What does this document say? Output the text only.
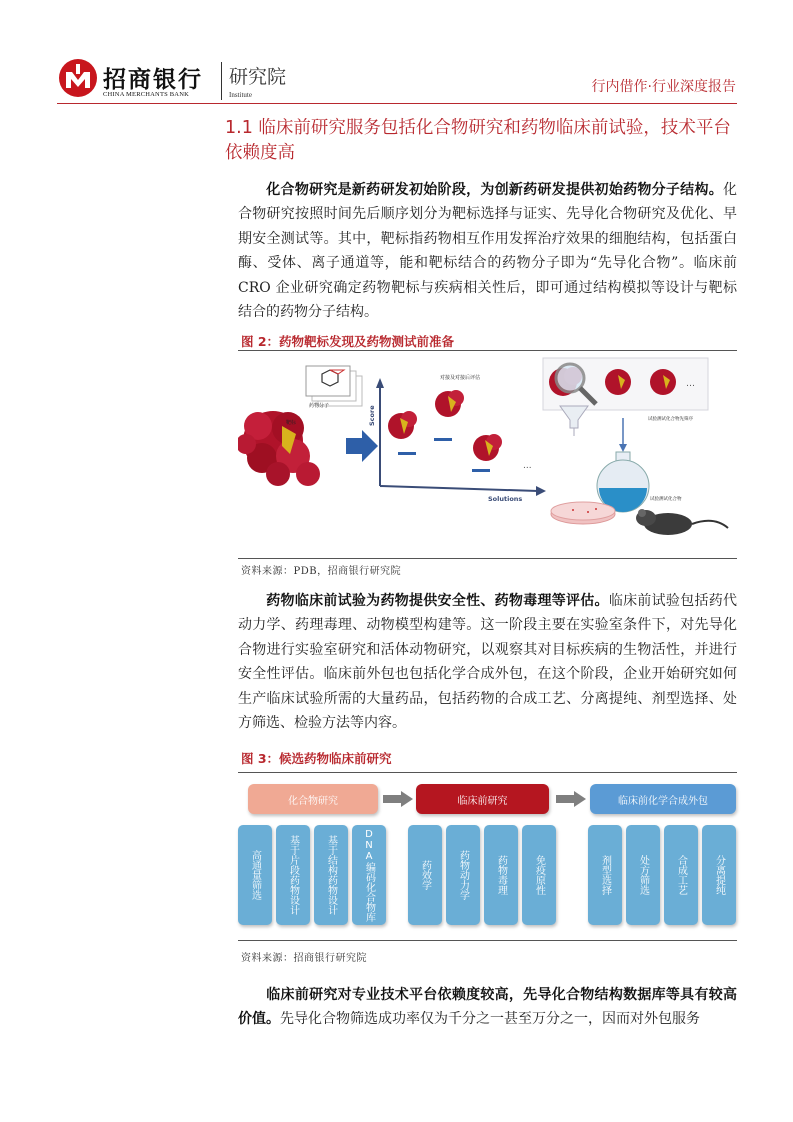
招商银行
CHINA MERCHANTS BANK
研究院
Institute	行内借作·行业深度报告
1.1 临床前研究服务包括化合物研究和药物临床前试验，技术平台依赖度高
化合物研究是新药研发初始阶段，为创新药研发提供初始药物分子结构。化合物研究按照时间先后顺序划分为靶标选择与证实、先导化合物研究及优化、早期安全测试等。其中，靶标指药物相互作用发挥治疗效果的细胞结构，包括蛋白酶、受体、离子通道等，能和靶标结合的药物分子即为“先导化合物”。临床前 CRO 企业研究确定药物靶标与疾病相关性后，即可通过结构模拟等设计与靶标结合的药物分子结构。
图 2：药物靶标发现及药物测试前准备
靶标
药物分子	Score
Solutions
...
对接及对接后评估
…
试验测试化合物先筛序
试验测试化合物
资料来源：PDB，招商银行研究院
药物临床前试验为药物提供安全性、药物毒理等评估。临床前试验包括药代动力学、药理毒理、动物模型构建等。这一阶段主要在实验室条件下，对先导化合物进行实验室研究和活体动物研究，以观察其对目标疾病的生物活性，并进行安全性评估。临床前外包也包括化学合成外包，在这个阶段，企业开始研究如何生产临床试验所需的大量药品，包括药物的合成工艺、分离提纯、剂型选择、处方筛选、检验方法等内容。
图 3：候选药物临床前研究
化合物研究	临床前研究	临床前化学合成外包
高通量筛选	基于片段药物设计	基于结构药物设计	DNA编码化合物库	药效学	药物动力学	药物毒理	免疫原性	剂型选择	处方筛选	合成工艺	分离提纯
资料来源：招商银行研究院
临床前研究对专业技术平台依赖度较高，先导化合物结构数据库等具有较高价值。先导化合物筛选成功率仅为千分之一甚至万分之一，因而对外包服务
